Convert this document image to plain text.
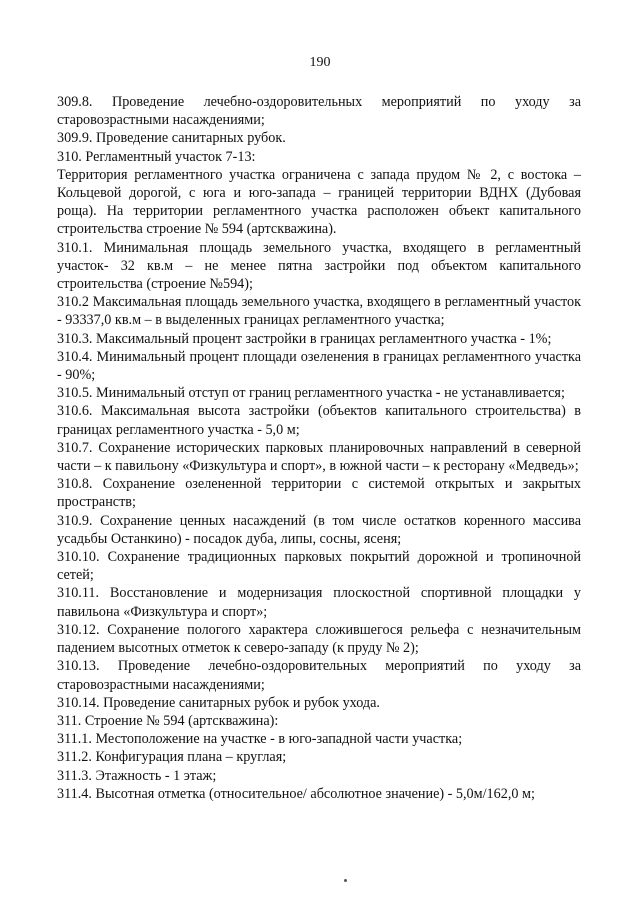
190

309.8. Проведение лечебно-оздоровительных мероприятий по уходу за старовозрастными насаждениями;

309.9. Проведение санитарных рубок.

310. Регламентный участок 7-13:

Территория регламентного участка ограничена с запада прудом № 2, с востока – Кольцевой дорогой, с юга и юго-запада – границей территории ВДНХ (Дубовая роща). На территории регламентного участка расположен объект капитального строительства строение № 594 (артскважина).

310.1. Минимальная площадь земельного участка, входящего в регламентный участок- 32 кв.м – не менее пятна застройки под объектом капитального строительства (строение №594);

310.2 Максимальная площадь земельного участка, входящего в регламентный участок - 93337,0 кв.м – в выделенных границах регламентного участка;

310.3. Максимальный процент застройки в границах регламентного участка - 1%;

310.4. Минимальный процент площади озеленения в границах регламентного участка - 90%;

310.5. Минимальный отступ от границ регламентного участка - не устанавливается;

310.6. Максимальная высота застройки (объектов капитального строительства) в границах регламентного участка - 5,0 м;

310.7. Сохранение исторических парковых планировочных направлений в северной части – к павильону «Физкультура и спорт», в южной части – к ресторану «Медведь»;

310.8. Сохранение озелененной территории с системой открытых и закрытых пространств;

310.9. Сохранение ценных насаждений (в том числе остатков коренного массива усадьбы Останкино) - посадок дуба, липы, сосны, ясеня;

310.10. Сохранение традиционных парковых покрытий дорожной и тропиночной сетей;

310.11. Восстановление и модернизация плоскостной спортивной площадки у павильона «Физкультура и спорт»;

310.12. Сохранение пологого характера сложившегося рельефа с незначительным падением высотных отметок к северо-западу (к пруду № 2);

310.13. Проведение лечебно-оздоровительных мероприятий по уходу за старовозрастными насаждениями;

310.14. Проведение санитарных рубок и рубок ухода.

311. Строение № 594 (артскважина):

311.1. Местоположение на участке - в юго-западной части участка;

311.2. Конфигурация плана – круглая;

311.3. Этажность - 1 этаж;

311.4. Высотная отметка (относительное/ абсолютное значение) - 5,0м/162,0 м;
